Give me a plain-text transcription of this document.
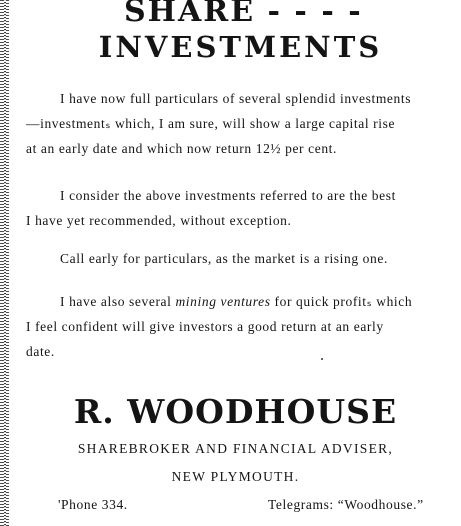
SHARE - - - -
INVESTMENTS
I have now full particulars of several splendid investments
—investmentₛ which, I am sure, will show a large capital rise
at an early date and which now return 12½ per cent.
I consider the above investments referred to are the best
I have yet recommended, without exception.
Call early for particulars, as the market is a rising one.
I have also several mining ventures for quick profitₛ which
I feel confident will give investors a good return at an early
date.
R. WOODHOUSE

SHAREBROKER AND FINANCIAL ADVISER,

NEW PLYMOUTH.

'Phone 334.	Telegrams: “Woodhouse.”
